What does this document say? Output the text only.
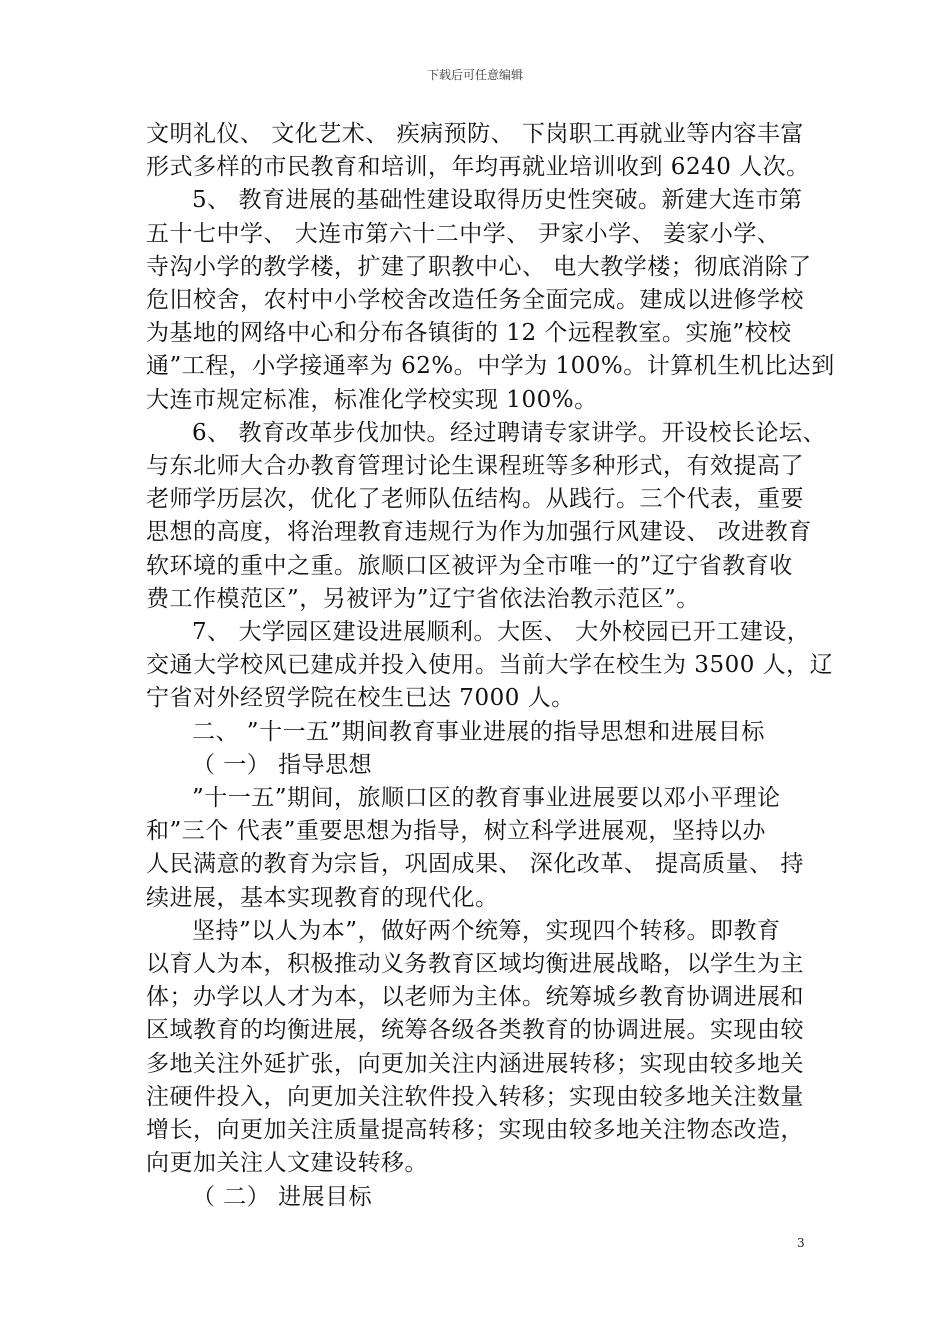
下载后可任意编辑
文明礼仪、 文化艺术、 疾病预防、 下岗职工再就业等内容丰富
形式多样的市民教育和培训，年均再就业培训收到 6240 人次。
5、 教育进展的基础性建设取得历史性突破。新建大连市第
五十七中学、 大连市第六十二中学、 尹家小学、 姜家小学、
寺沟小学的教学楼，扩建了职教中心、 电大教学楼；彻底消除了
危旧校舍，农村中小学校舍改造任务全面完成。建成以进修学校
为基地的网络中心和分布各镇街的 12 个远程教室。实施”校校
通”工程，小学接通率为 62%。中学为 100%。计算机生机比达到
大连市规定标准，标准化学校实现 100%。
6、 教育改革步伐加快。经过聘请专家讲学。开设校长论坛、
与东北师大合办教育管理讨论生课程班等多种形式，有效提高了
老师学历层次，优化了老师队伍结构。从践行。三个代表，重要
思想的高度，将治理教育违规行为作为加强行风建设、 改进教育
软环境的重中之重。旅顺口区被评为全市唯一的”辽宁省教育收
费工作模范区”，另被评为”辽宁省依法治教示范区”。
7、 大学园区建设进展顺利。大医、 大外校园已开工建设，
交通大学校风已建成并投入使用。当前大学在校生为 3500 人，辽
宁省对外经贸学院在校生已达 7000 人。
二、 ”十一五”期间教育事业进展的指导思想和进展目标
（ 一） 指导思想
”十一五”期间，旅顺口区的教育事业进展要以邓小平理论
和”三个 代表”重要思想为指导，树立科学进展观，坚持以办
人民满意的教育为宗旨，巩固成果、 深化改革、 提高质量、 持
续进展，基本实现教育的现代化。
坚持”以人为本”，做好两个统筹，实现四个转移。即教育
以育人为本，积极推动义务教育区域均衡进展战略，以学生为主
体；办学以人才为本，以老师为主体。统筹城乡教育协调进展和
区域教育的均衡进展，统筹各级各类教育的协调进展。实现由较
多地关注外延扩张，向更加关注内涵进展转移；实现由较多地关
注硬件投入，向更加关注软件投入转移；实现由较多地关注数量
增长，向更加关注质量提高转移；实现由较多地关注物态改造，
向更加关注人文建设转移。
（ 二） 进展目标
3
